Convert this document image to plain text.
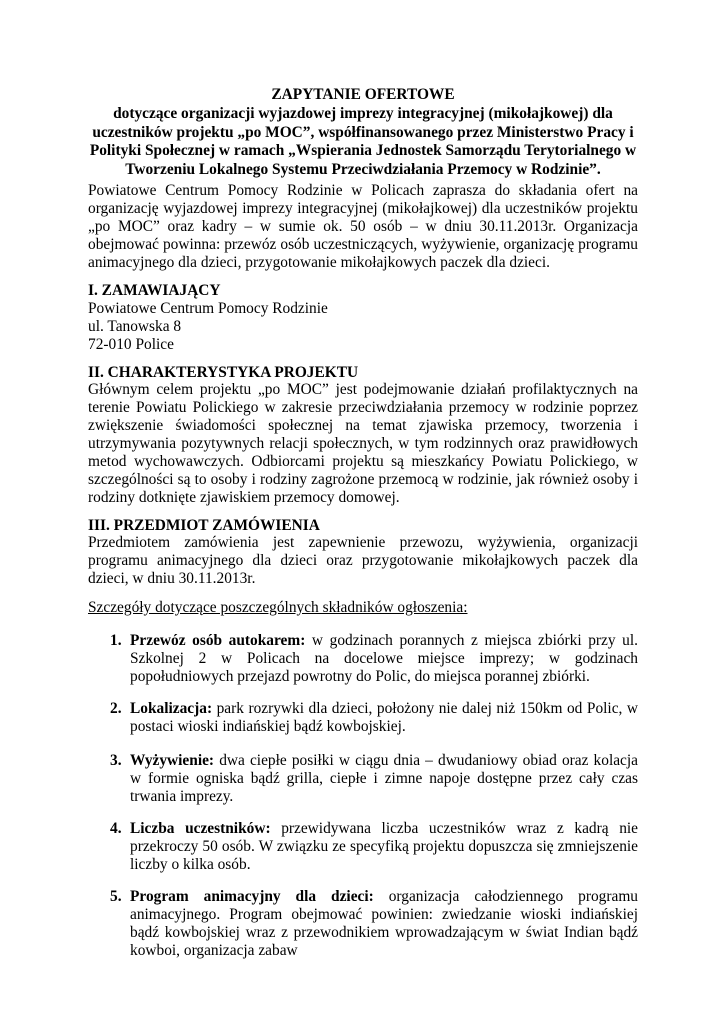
ZAPYTANIE OFERTOWE
dotyczące organizacji wyjazdowej imprezy integracyjnej (mikołajkowej) dla uczestników projektu „po MOC”, współfinansowanego przez Ministerstwo Pracy i Polityki Społecznej w ramach „Wspierania Jednostek Samorządu Terytorialnego w Tworzeniu Lokalnego Systemu Przeciwdziałania Przemocy w Rodzinie”.
Powiatowe Centrum Pomocy Rodzinie w Policach zaprasza do składania ofert na organizację wyjazdowej imprezy integracyjnej (mikołajkowej) dla uczestników projektu „po MOC” oraz kadry – w sumie ok. 50 osób – w dniu 30.11.2013r. Organizacja obejmować powinna: przewóz osób uczestniczących, wyżywienie, organizację programu animacyjnego dla dzieci, przygotowanie mikołajkowych paczek dla dzieci.
I. ZAMAWIAJĄCY
Powiatowe Centrum Pomocy Rodzinie
ul. Tanowska 8
72-010 Police
II. CHARAKTERYSTYKA PROJEKTU
Głównym celem projektu „po MOC” jest podejmowanie działań profilaktycznych na terenie Powiatu Polickiego w zakresie przeciwdziałania przemocy w rodzinie poprzez zwiększenie świadomości społecznej na temat zjawiska przemocy, tworzenia i utrzymywania pozytywnych relacji społecznych, w tym rodzinnych oraz prawidłowych metod wychowawczych. Odbiorcami projektu są mieszkańcy Powiatu Polickiego, w szczególności są to osoby i rodziny zagrożone przemocą w rodzinie, jak również osoby i rodziny dotknięte zjawiskiem przemocy domowej.
III. PRZEDMIOT ZAMÓWIENIA
Przedmiotem zamówienia jest zapewnienie przewozu, wyżywienia, organizacji programu animacyjnego dla dzieci oraz przygotowanie mikołajkowych paczek dla dzieci, w dniu 30.11.2013r.
Szczegóły dotyczące poszczególnych składników ogłoszenia:
1. Przewóz osób autokarem: w godzinach porannych z miejsca zbiórki przy ul. Szkolnej 2 w Policach na docelowe miejsce imprezy; w godzinach popołudniowych przejazd powrotny do Polic, do miejsca porannej zbiórki.
2. Lokalizacja: park rozrywki dla dzieci, położony nie dalej niż 150km od Polic, w postaci wioski indiańskiej bądź kowbojskiej.
3. Wyżywienie: dwa ciepłe posiłki w ciągu dnia – dwudaniowy obiad oraz kolacja w formie ogniska bądź grilla, ciepłe i zimne napoje dostępne przez cały czas trwania imprezy.
4. Liczba uczestników: przewidywana liczba uczestników wraz z kadrą nie przekroczy 50 osób. W związku ze specyfiką projektu dopuszcza się zmniejszenie liczby o kilka osób.
5. Program animacyjny dla dzieci: organizacja całodziennego programu animacyjnego. Program obejmować powinien: zwiedzanie wioski indiańskiej bądź kowbojskiej wraz z przewodnikiem wprowadzającym w świat Indian bądź kowboi, organizacja zabaw
